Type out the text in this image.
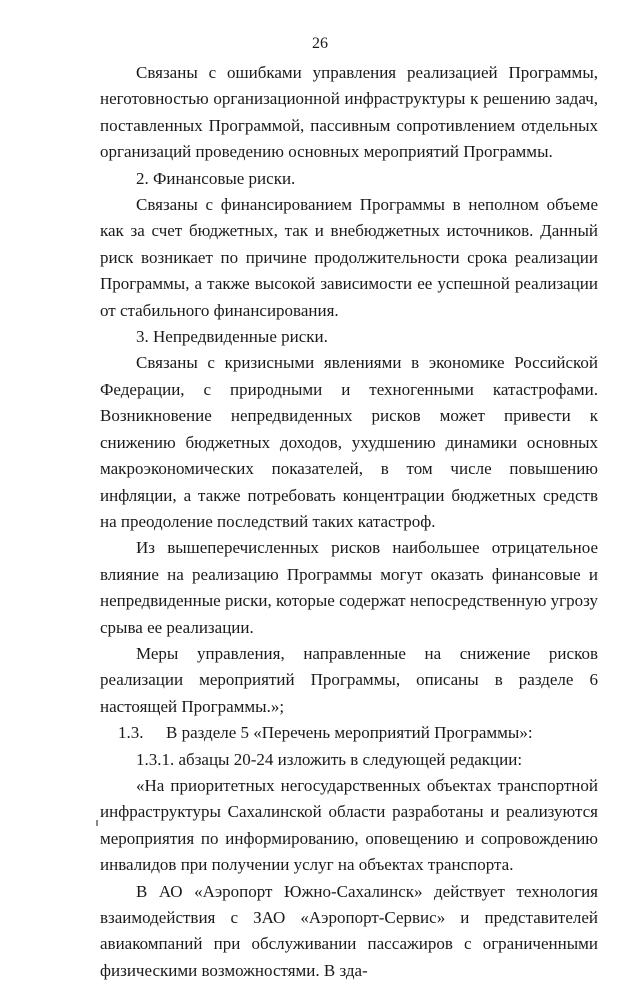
26

Связаны с ошибками управления реализацией Программы, неготовностью организационной инфраструктуры к решению задач, поставленных Программой, пассивным сопротивлением отдельных организаций проведению основных мероприятий Программы.

2. Финансовые риски.

Связаны с финансированием Программы в неполном объеме как за счет бюджетных, так и внебюджетных источников. Данный риск возникает по причине продолжительности срока реализации Программы, а также высокой зависимости ее успешной реализации от стабильного финансирования.

3. Непредвиденные риски.

Связаны с кризисными явлениями в экономике Российской Федерации, с природными и техногенными катастрофами. Возникновение непредвиденных рисков может привести к снижению бюджетных доходов, ухудшению динамики основных макроэкономических показателей, в том числе повышению инфляции, а также потребовать концентрации бюджетных средств на преодоление последствий таких катастроф.

Из вышеперечисленных рисков наибольшее отрицательное влияние на реализацию Программы могут оказать финансовые и непредвиденные риски, которые содержат непосредственную угрозу срыва ее реализации.

Меры управления, направленные на снижение рисков реализации мероприятий Программы, описаны в разделе 6 настоящей Программы.»;

1.3. В разделе 5 «Перечень мероприятий Программы»:

1.3.1. абзацы 20-24 изложить в следующей редакции:

«На приоритетных негосударственных объектах транспортной инфраструктуры Сахалинской области разработаны и реализуются мероприятия по информированию, оповещению и сопровождению инвалидов при получении услуг на объектах транспорта.

В АО «Аэропорт Южно-Сахалинск» действует технология взаимодействия с ЗАО «Аэропорт-Сервис» и представителей авиакомпаний при обслуживании пассажиров с ограниченными физическими возможностями. В зда-
